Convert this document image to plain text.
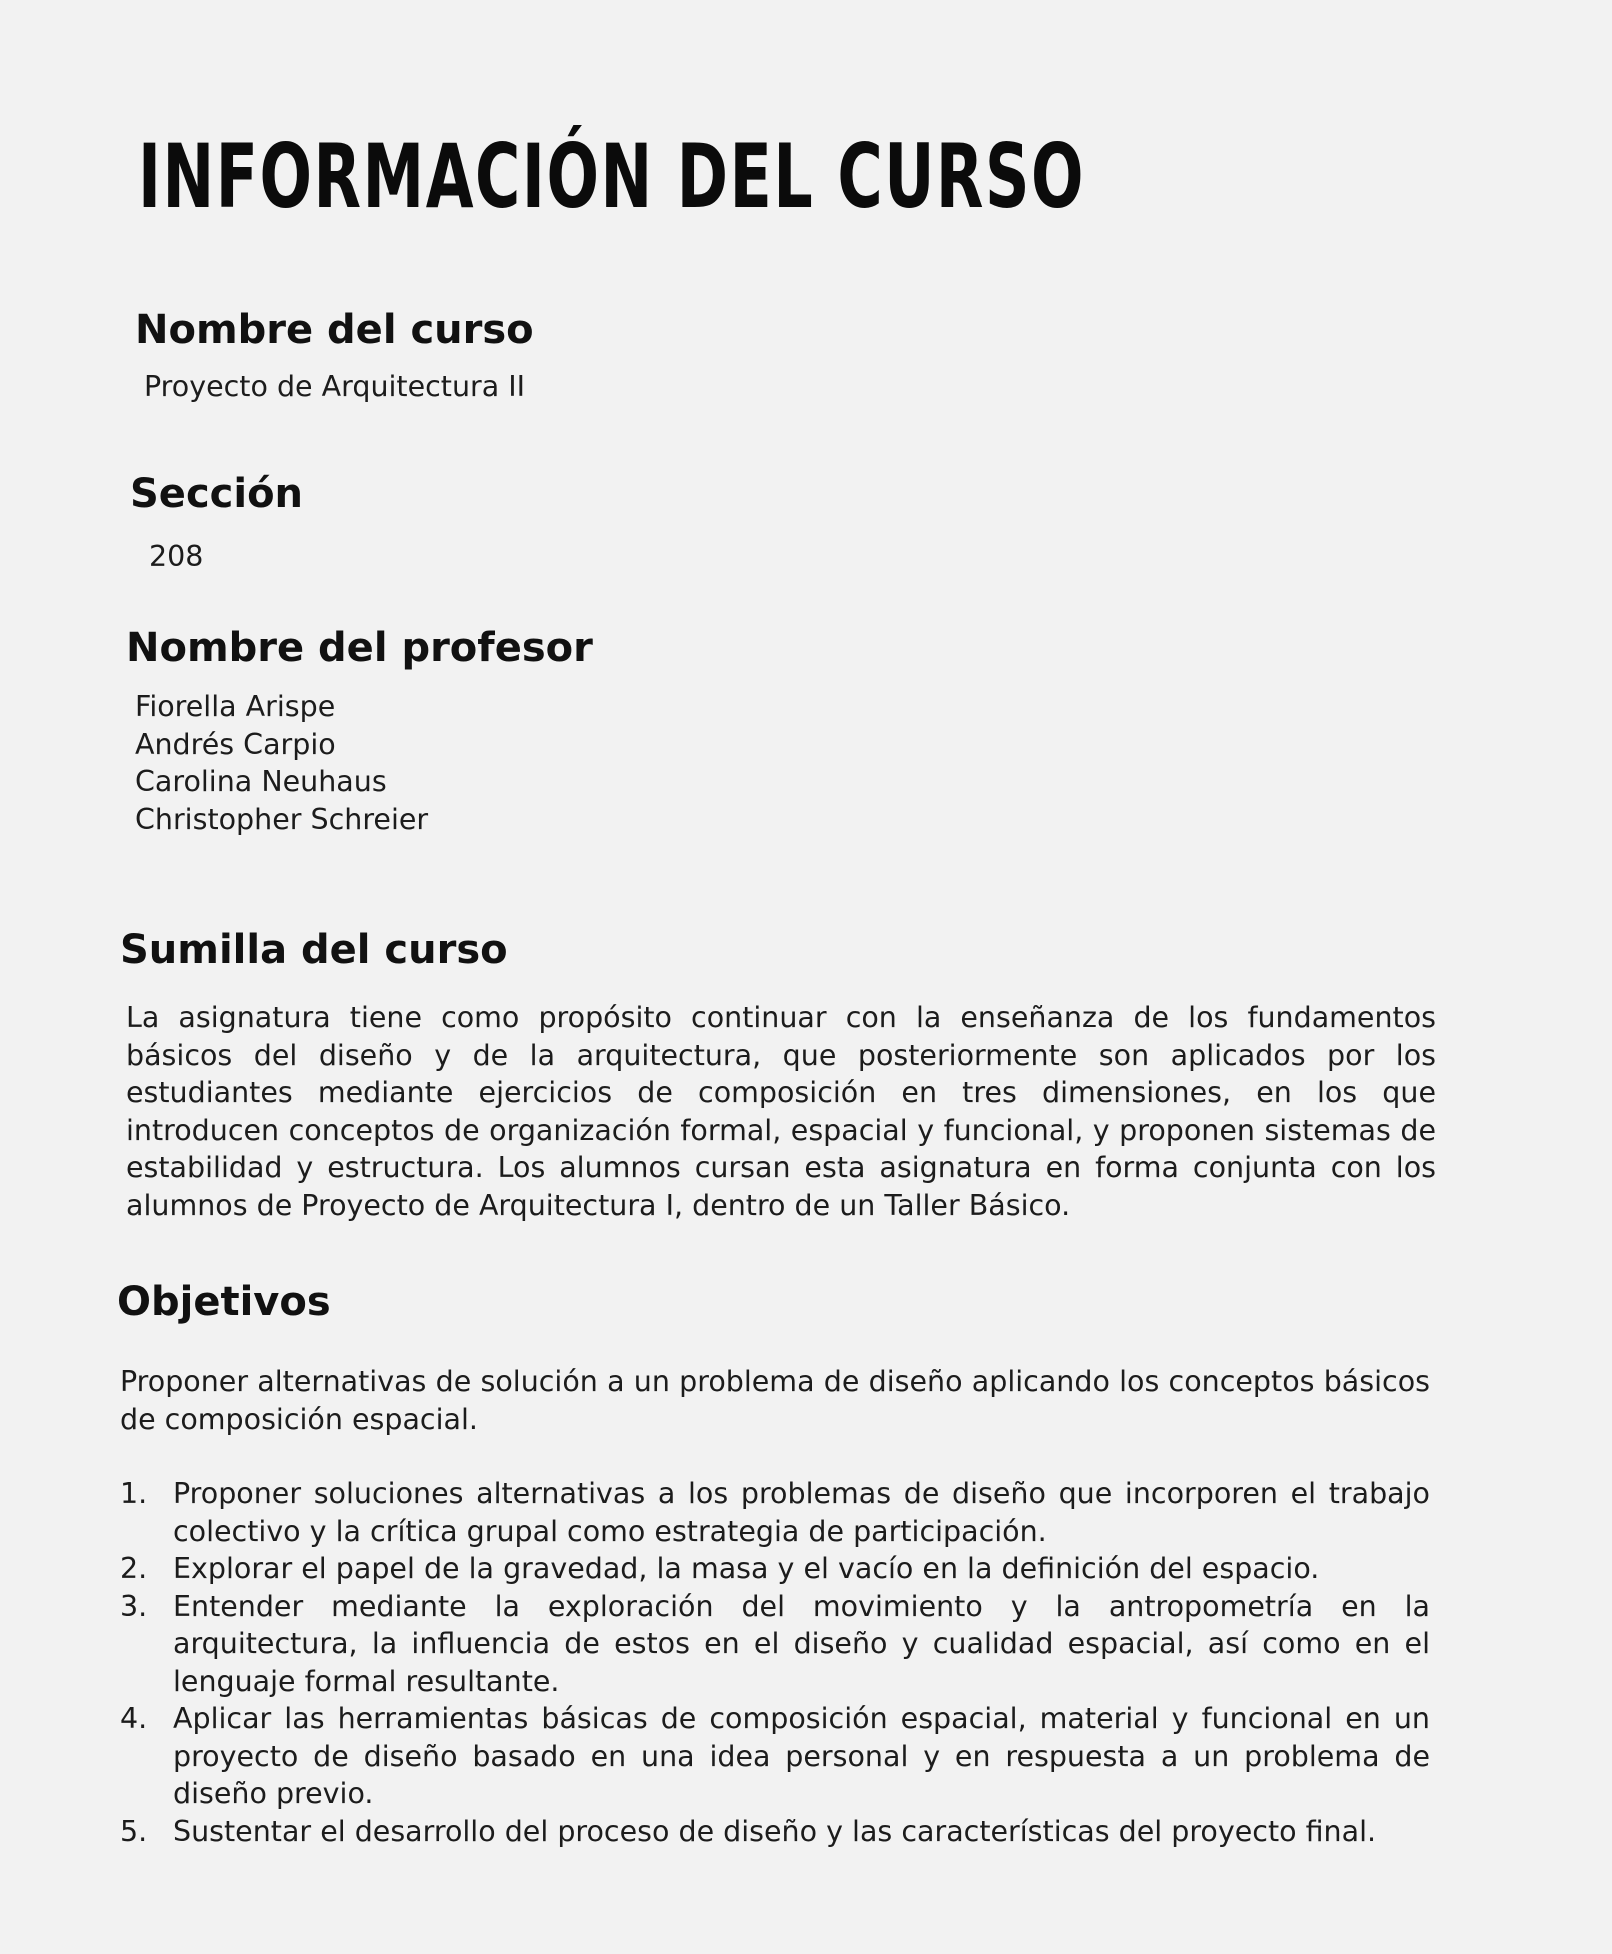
INFORMACIÓN DEL CURSO
Nombre del curso

Proyecto de Arquitectura II

Sección

208

Nombre del profesor
Fiorella Arispe
Andrés Carpio
Carolina Neuhaus
Christopher Schreier
Sumilla del curso

La asignatura tiene como propósito continuar con la enseñanza de los fundamentos básicos del diseño y de la arquitectura, que posteriormente son aplicados por los estudiantes mediante ejercicios de composición en tres dimensiones, en los que introducen conceptos de organización formal, espacial y funcional, y proponen sistemas de estabilidad y estructura. Los alumnos cursan esta asignatura en forma conjunta con los alumnos de Proyecto de Arquitectura I, dentro de un Taller Básico.

Objetivos

Proponer alternativas de solución a un problema de diseño aplicando los conceptos básicos de composición espacial.

1. Proponer soluciones alternativas a los problemas de diseño que incorporen el trabajo colectivo y la crítica grupal como estrategia de participación.
2. Explorar el papel de la gravedad, la masa y el vacío en la definición del espacio.
3. Entender mediante la exploración del movimiento y la antropometría en la arquitectura, la influencia de estos en el diseño y cualidad espacial, así como en el lenguaje formal resultante.
4. Aplicar las herramientas básicas de composición espacial, material y funcional en un proyecto de diseño basado en una idea personal y en respuesta a un problema de diseño previo.
5. Sustentar el desarrollo del proceso de diseño y las características del proyecto final.
